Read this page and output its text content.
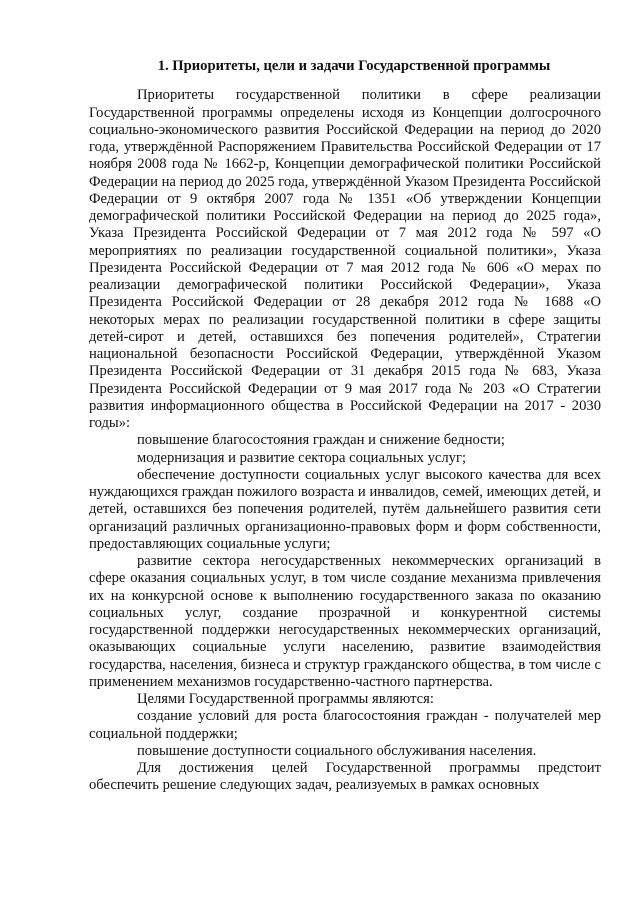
1. Приоритеты, цели и задачи Государственной программы

Приоритеты государственной политики в сфере реализации Государственной программы определены исходя из Концепции долгосрочного социально-экономического развития Российской Федерации на период до 2020 года, утверждённой Распоряжением Правительства Российской Федерации от 17 ноября 2008 года № 1662-р, Концепции демографической политики Российской Федерации на период до 2025 года, утверждённой Указом Президента Российской Федерации от 9 октября 2007 года № 1351 «Об утверждении Концепции демографической политики Российской Федерации на период до 2025 года», Указа Президента Российской Федерации от 7 мая 2012 года № 597 «О мероприятиях по реализации государственной социальной политики», Указа Президента Российской Федерации от 7 мая 2012 года № 606 «О мерах по реализации демографической политики Российской Федерации», Указа Президента Российской Федерации от 28 декабря 2012 года № 1688 «О некоторых мерах по реализации государственной политики в сфере защиты детей-сирот и детей, оставшихся без попечения родителей», Стратегии национальной безопасности Российской Федерации, утверждённой Указом Президента Российской Федерации от 31 декабря 2015 года № 683, Указа Президента Российской Федерации от 9 мая 2017 года № 203 «О Стратегии развития информационного общества в Российской Федерации на 2017 - 2030 годы»:

повышение благосостояния граждан и снижение бедности;

модернизация и развитие сектора социальных услуг;

обеспечение доступности социальных услуг высокого качества для всех нуждающихся граждан пожилого возраста и инвалидов, семей, имеющих детей, и детей, оставшихся без попечения родителей, путём дальнейшего развития сети организаций различных организационно-правовых форм и форм собственности, предоставляющих социальные услуги;

развитие сектора негосударственных некоммерческих организаций в сфере оказания социальных услуг, в том числе создание механизма привлечения их на конкурсной основе к выполнению государственного заказа по оказанию социальных услуг, создание прозрачной и конкурентной системы государственной поддержки негосударственных некоммерческих организаций, оказывающих социальные услуги населению, развитие взаимодействия государства, населения, бизнеса и структур гражданского общества, в том числе с применением механизмов государственно-частного партнерства.

Целями Государственной программы являются:

создание условий для роста благосостояния граждан - получателей мер социальной поддержки;

повышение доступности социального обслуживания населения.

Для достижения целей Государственной программы предстоит обеспечить решение следующих задач, реализуемых в рамках основных
